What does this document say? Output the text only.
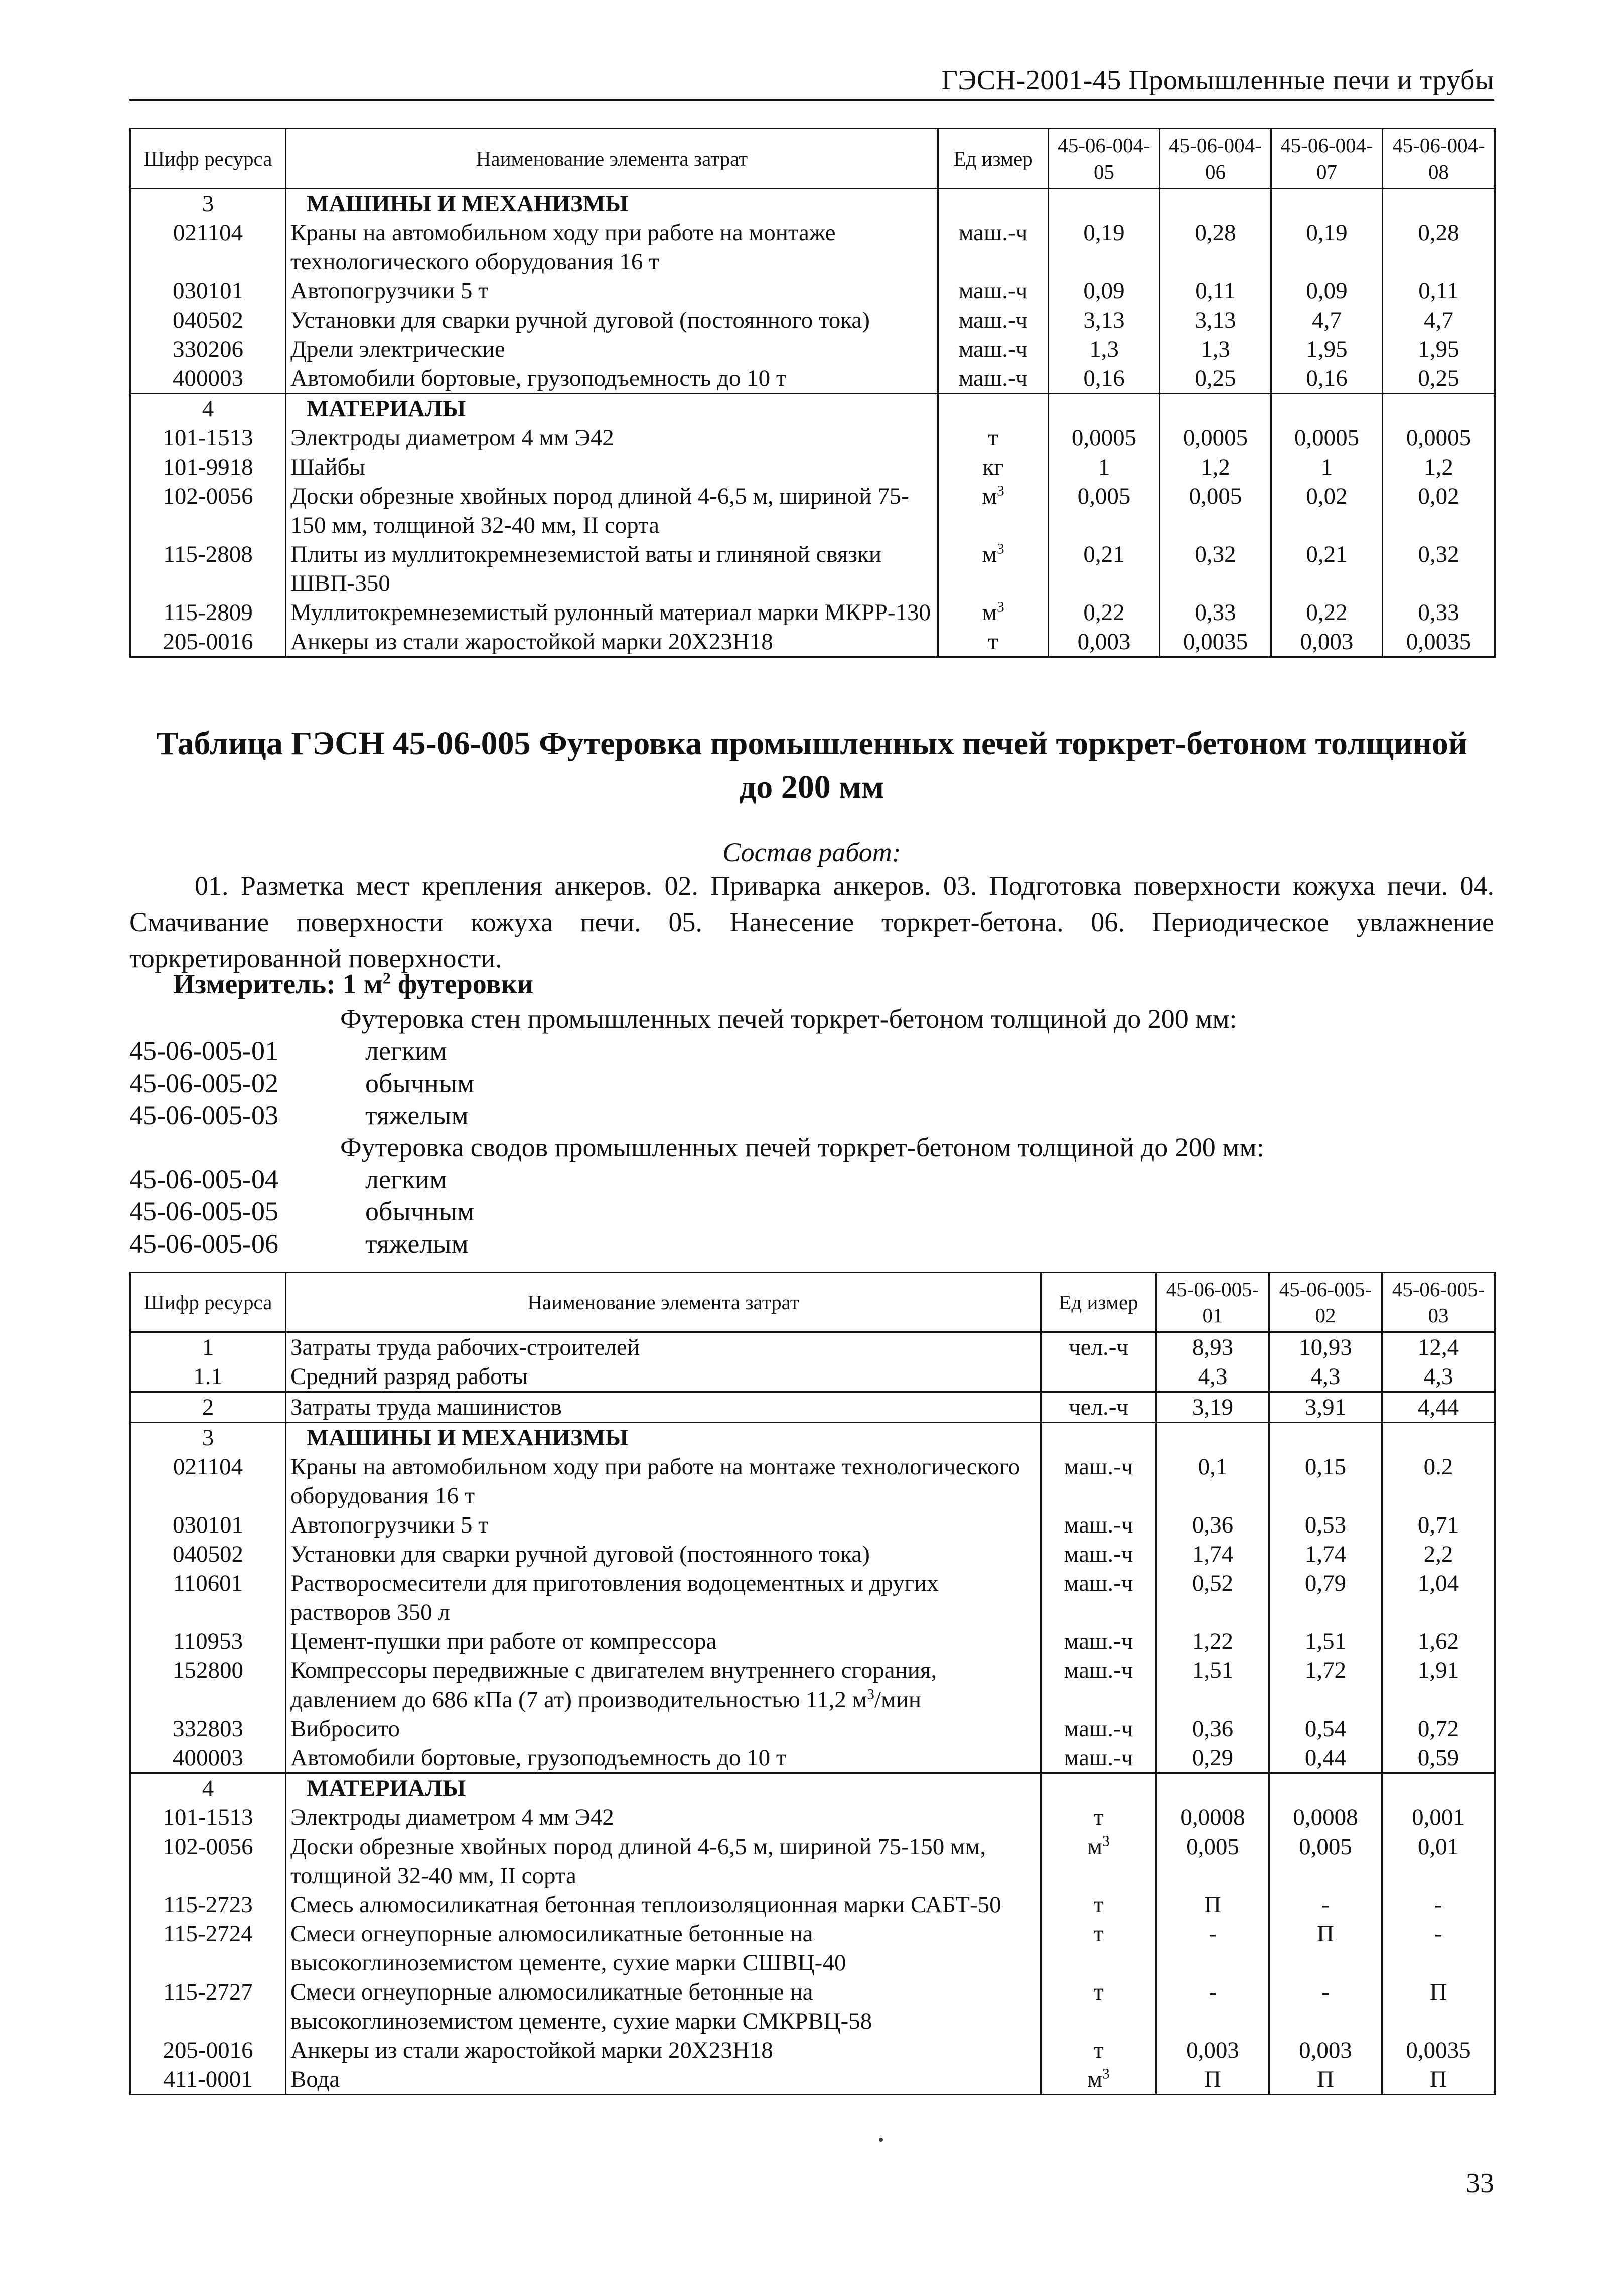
ГЭСН-2001-45 Промышленные печи и трубы
Шифр ресурса	Наименование элемента затрат	Ед измер	45-06-004-05	45-06-004-06	45-06-004-07	45-06-004-08
3	МАШИНЫ И МЕХАНИЗМЫ					
021104	Краны на автомобильном ходу при работе на монтаже технологического оборудования 16 т	маш.-ч	0,19	0,28	0,19	0,28
030101	Автопогрузчики 5 т	маш.-ч	0,09	0,11	0,09	0,11
040502	Установки для сварки ручной дуговой (постоянного тока)	маш.-ч	3,13	3,13	4,7	4,7
330206	Дрели электрические	маш.-ч	1,3	1,3	1,95	1,95
400003	Автомобили бортовые, грузоподъемность до 10 т	маш.-ч	0,16	0,25	0,16	0,25
4	МАТЕРИАЛЫ					
101-1513	Электроды диаметром 4 мм Э42	т	0,0005	0,0005	0,0005	0,0005
101-9918	Шайбы	кг	1	1,2	1	1,2
102-0056	Доски обрезные хвойных пород длиной 4-6,5 м, шириной 75-150 мм, толщиной 32-40 мм, II сорта	$м^3$	0,005	0,005	0,02	0,02
115-2808	Плиты из муллитокремнеземистой ваты и глиняной связки ШВП-350	$м^3$	0,21	0,32	0,21	0,32
115-2809	Муллитокремнеземистый рулонный материал марки МКРР-130	$м^3$	0,22	0,33	0,22	0,33
205-0016	Анкеры из стали жаростойкой марки 20Х23Н18	т	0,003	0,0035	0,003	0,0035
Таблица ГЭСН 45-06-005 Футеровка промышленных печей торкрет-бетоном толщиной
до 200 мм
Состав работ:
01. Разметка мест крепления анкеров. 02. Приварка анкеров. 03. Подготовка поверхности кожуха печи. 04. Смачивание поверхности кожуха печи. 05. Нанесение торкрет-бетона. 06. Периодическое увлажнение торкретированной поверхности.
Измеритель: 1 $м^2$ футеровки
Футеровка стен промышленных печей торкрет-бетоном толщиной до 200 мм:
45-06-005-01	легким
45-06-005-02	обычным
45-06-005-03	тяжелым
Футеровка сводов промышленных печей торкрет-бетоном толщиной до 200 мм:
45-06-005-04	легким
45-06-005-05	обычным
45-06-005-06	тяжелым
Шифр ресурса	Наименование элемента затрат	Ед измер	45-06-005-01	45-06-005-02	45-06-005-03
1	Затраты труда рабочих-строителей	чел.-ч	8,93	10,93	12,4
1.1	Средний разряд работы		4,3	4,3	4,3
2	Затраты труда машинистов	чел.-ч	3,19	3,91	4,44
3	МАШИНЫ И МЕХАНИЗМЫ				
021104	Краны на автомобильном ходу при работе на монтаже технологического оборудования 16 т	маш.-ч	0,1	0,15	0.2
030101	Автопогрузчики 5 т	маш.-ч	0,36	0,53	0,71
040502	Установки для сварки ручной дуговой (постоянного тока)	маш.-ч	1,74	1,74	2,2
110601	Растворосмесители для приготовления водоцементных и других растворов 350 л	маш.-ч	0,52	0,79	1,04
110953	Цемент-пушки при работе от компрессора	маш.-ч	1,22	1,51	1,62
152800	Компрессоры передвижные с двигателем внутреннего сгорания, давлением до 686 кПа (7 ат) производительностью 11,2 $м^3$/мин	маш.-ч	1,51	1,72	1,91
332803	Вибросито	маш.-ч	0,36	0,54	0,72
400003	Автомобили бортовые, грузоподъемность до 10 т	маш.-ч	0,29	0,44	0,59
4	МАТЕРИАЛЫ				
101-1513	Электроды диаметром 4 мм Э42	т	0,0008	0,0008	0,001
102-0056	Доски обрезные хвойных пород длиной 4-6,5 м, шириной 75-150 мм, толщиной 32-40 мм, II сорта	$м^3$	0,005	0,005	0,01
115-2723	Смесь алюмосиликатная бетонная теплоизоляционная марки САБТ-50	т	П	-	-
115-2724	Смеси огнеупорные алюмосиликатные бетонные на высокоглиноземистом цементе, сухие марки СШВЦ-40	т	-	П	-
115-2727	Смеси огнеупорные алюмосиликатные бетонные на высокоглиноземистом цементе, сухие марки СМКРВЦ-58	т	-	-	П
205-0016	Анкеры из стали жаростойкой марки 20Х23Н18	т	0,003	0,003	0,0035
411-0001	Вода	$м^3$	П	П	П
33
